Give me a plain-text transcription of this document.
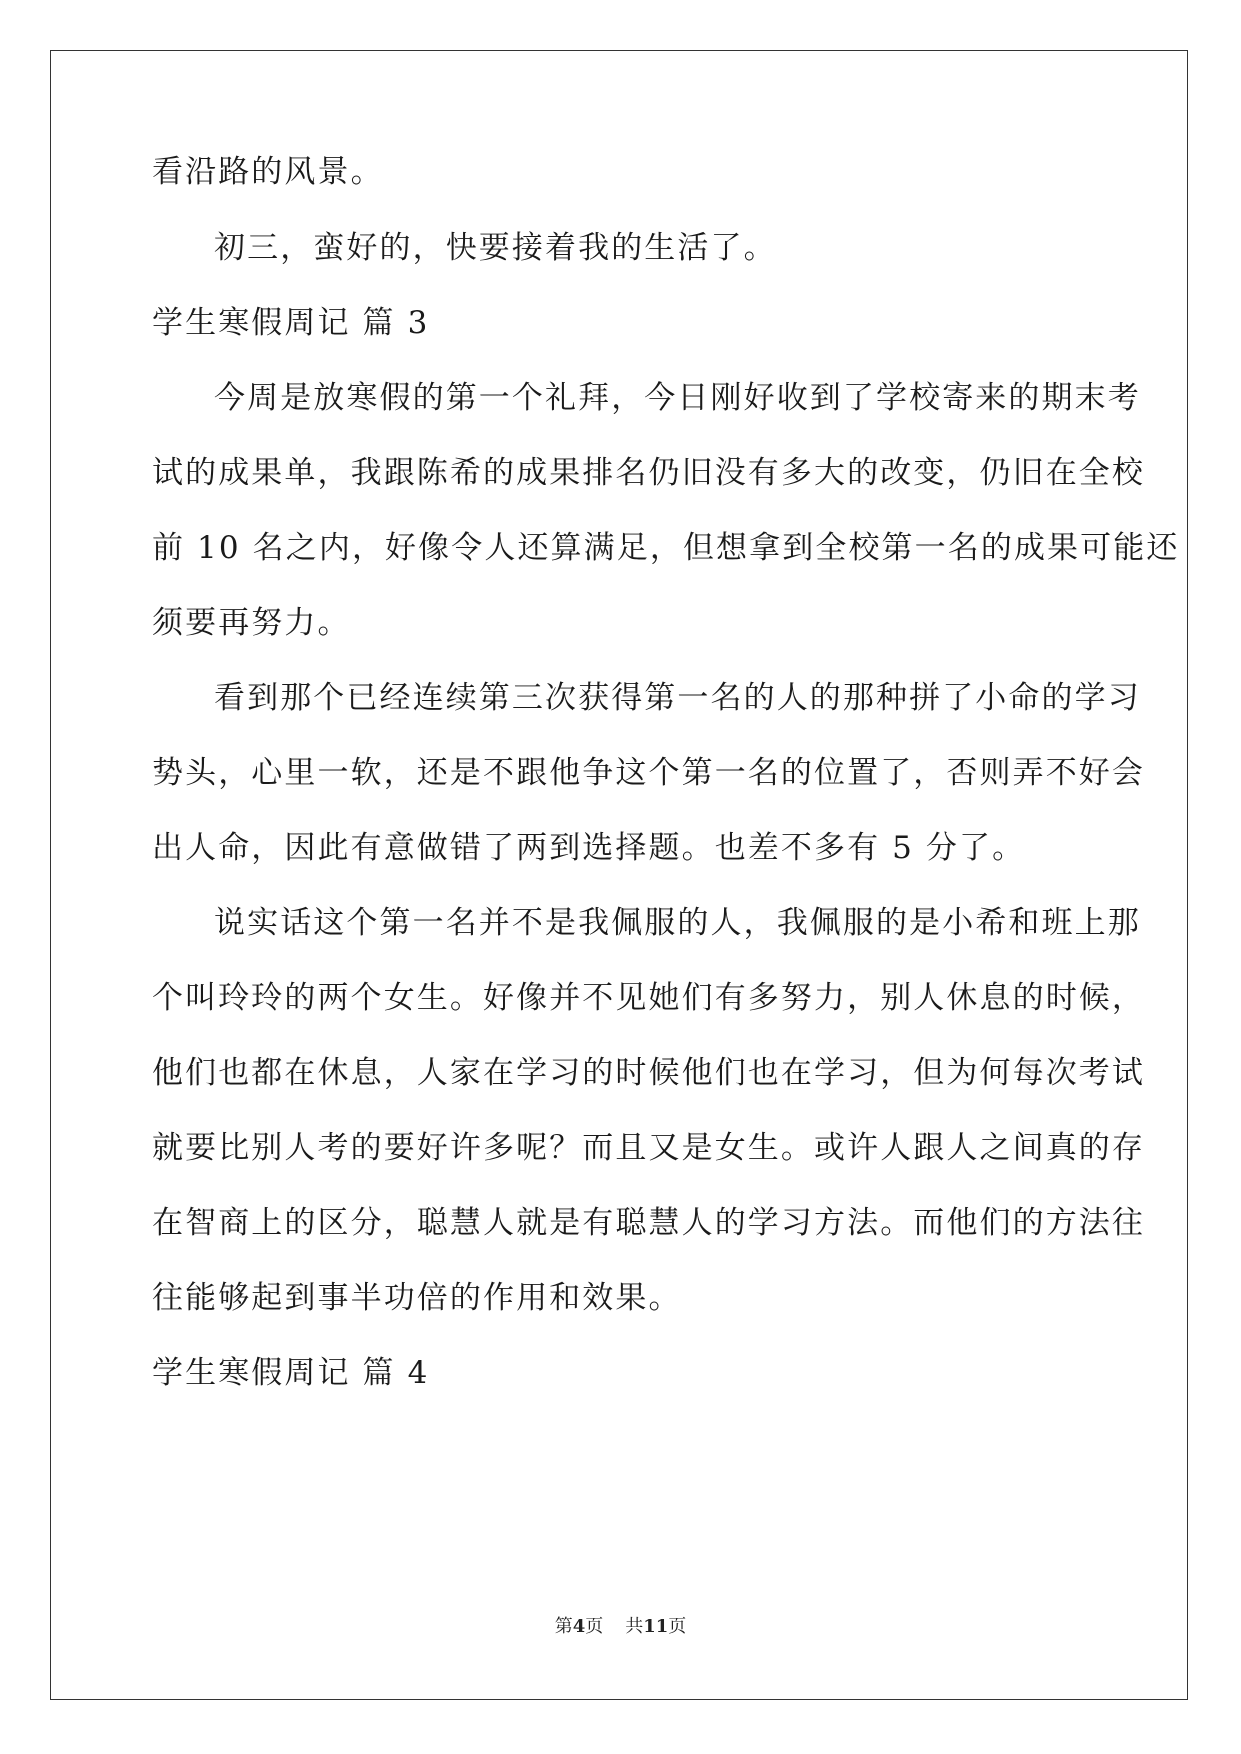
看沿路的风景。
初三，蛮好的，快要接着我的生活了。
学生寒假周记 篇 3
今周是放寒假的第一个礼拜，今日刚好收到了学校寄来的期末考
试的成果单，我跟陈希的成果排名仍旧没有多大的改变，仍旧在全校
前 10 名之内，好像令人还算满足，但想拿到全校第一名的成果可能还
须要再努力。
看到那个已经连续第三次获得第一名的人的那种拼了小命的学习
势头，心里一软，还是不跟他争这个第一名的位置了，否则弄不好会
出人命，因此有意做错了两到选择题。也差不多有 5 分了。
说实话这个第一名并不是我佩服的人，我佩服的是小希和班上那
个叫玲玲的两个女生。好像并不见她们有多努力，别人休息的时候，
他们也都在休息，人家在学习的时候他们也在学习，但为何每次考试
就要比别人考的要好许多呢？而且又是女生。或许人跟人之间真的存
在智商上的区分，聪慧人就是有聪慧人的学习方法。而他们的方法往
往能够起到事半功倍的作用和效果。
学生寒假周记 篇 4
第4页 共11页
